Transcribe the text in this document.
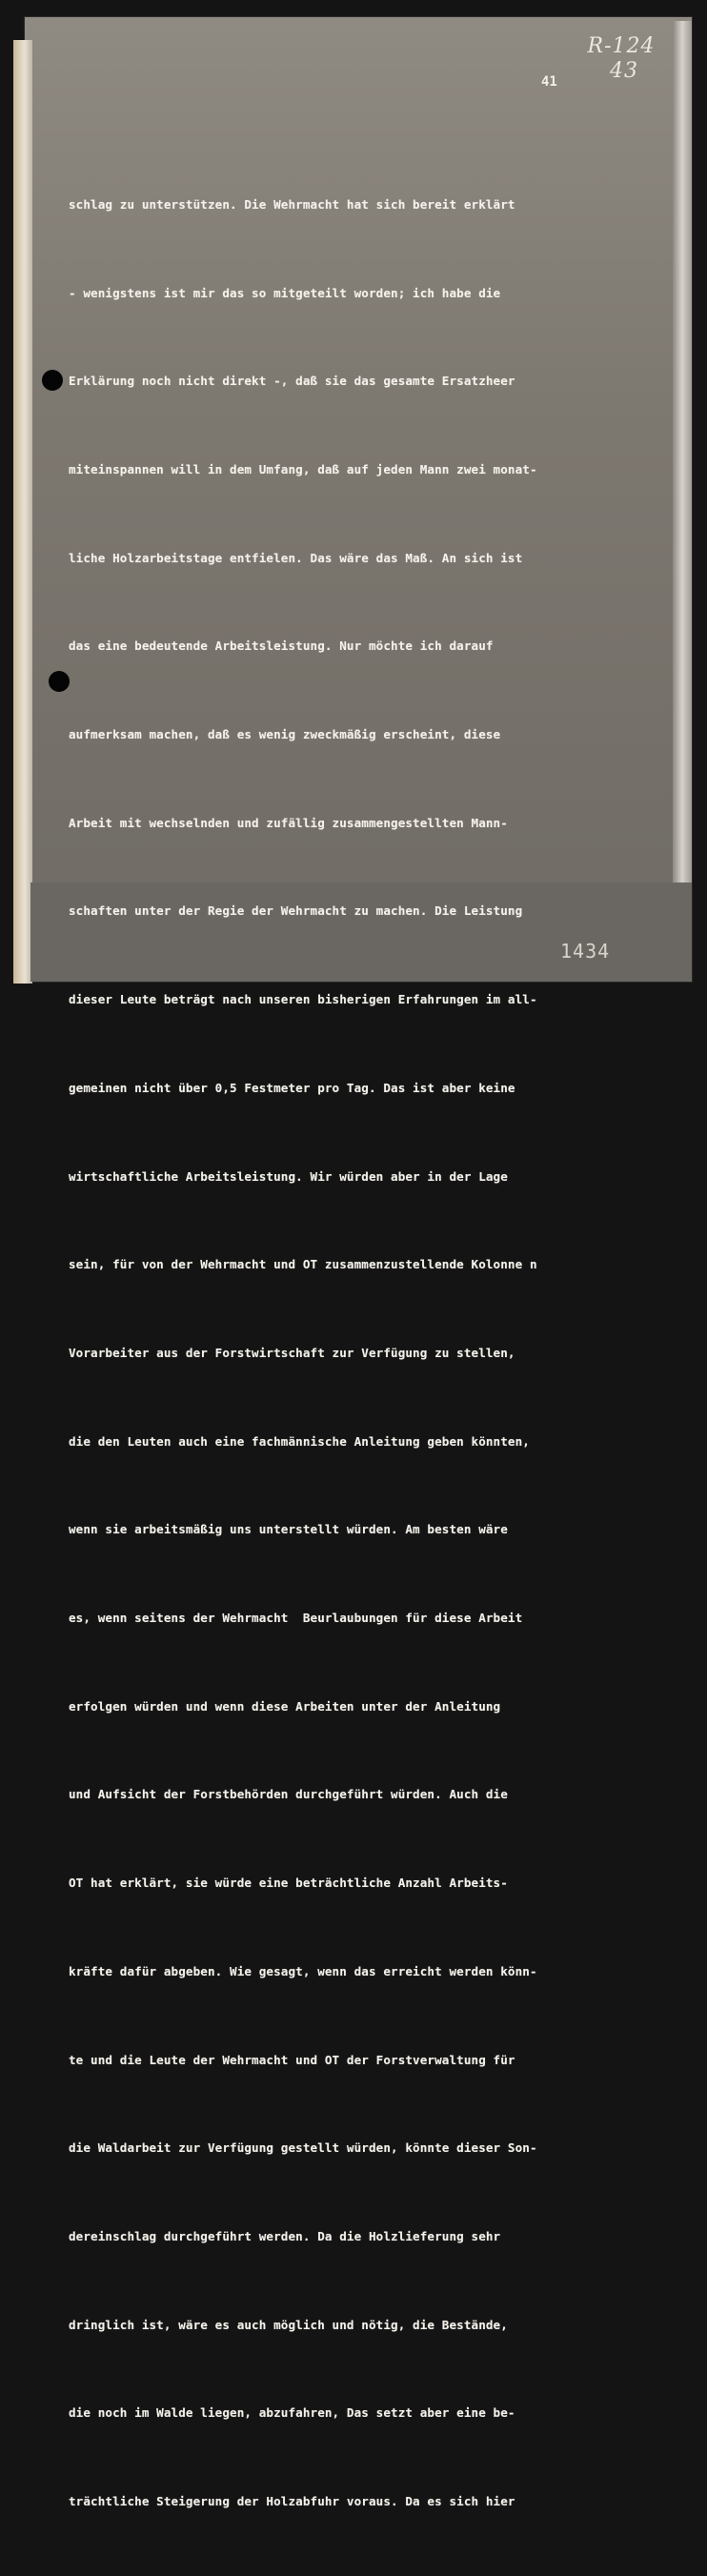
R-124
43
41

schlag zu unterstützen. Die Wehrmacht hat sich bereit erklärt

- wenigstens ist mir das so mitgeteilt worden; ich habe die

Erklärung noch nicht direkt -, daß sie das gesamte Ersatzheer

miteinspannen will in dem Umfang, daß auf jeden Mann zwei monat-

liche Holzarbeitstage entfielen. Das wäre das Maß. An sich ist

das eine bedeutende Arbeitsleistung. Nur möchte ich darauf

aufmerksam machen, daß es wenig zweckmäßig erscheint, diese

Arbeit mit wechselnden und zufällig zusammengestellten Mann-

schaften unter der Regie der Wehrmacht zu machen. Die Leistung

dieser Leute beträgt nach unseren bisherigen Erfahrungen im all-

gemeinen nicht über 0,5 Festmeter pro Tag. Das ist aber keine

wirtschaftliche Arbeitsleistung. Wir würden aber in der Lage

sein, für von der Wehrmacht und OT zusammenzustellende Kolonne n

Vorarbeiter aus der Forstwirtschaft zur Verfügung zu stellen,

die den Leuten auch eine fachmännische Anleitung geben könnten,

wenn sie arbeitsmäßig uns unterstellt würden. Am besten wäre

es, wenn seitens der Wehrmacht  Beurlaubungen für diese Arbeit

erfolgen würden und wenn diese Arbeiten unter der Anleitung

und Aufsicht der Forstbehörden durchgeführt würden. Auch die

OT hat erklärt, sie würde eine beträchtliche Anzahl Arbeits-

kräfte dafür abgeben. Wie gesagt, wenn das erreicht werden könn-

te und die Leute der Wehrmacht und OT der Forstverwaltung für

die Waldarbeit zur Verfügung gestellt würden, könnte dieser Son-

dereinschlag durchgeführt werden. Da die Holzlieferung sehr

dringlich ist, wäre es auch möglich und nötig, die Bestände,

die noch im Walde liegen, abzufahren, Das setzt aber eine be-

trächtliche Steigerung der Holzabfuhr voraus. Da es sich hier

1434
